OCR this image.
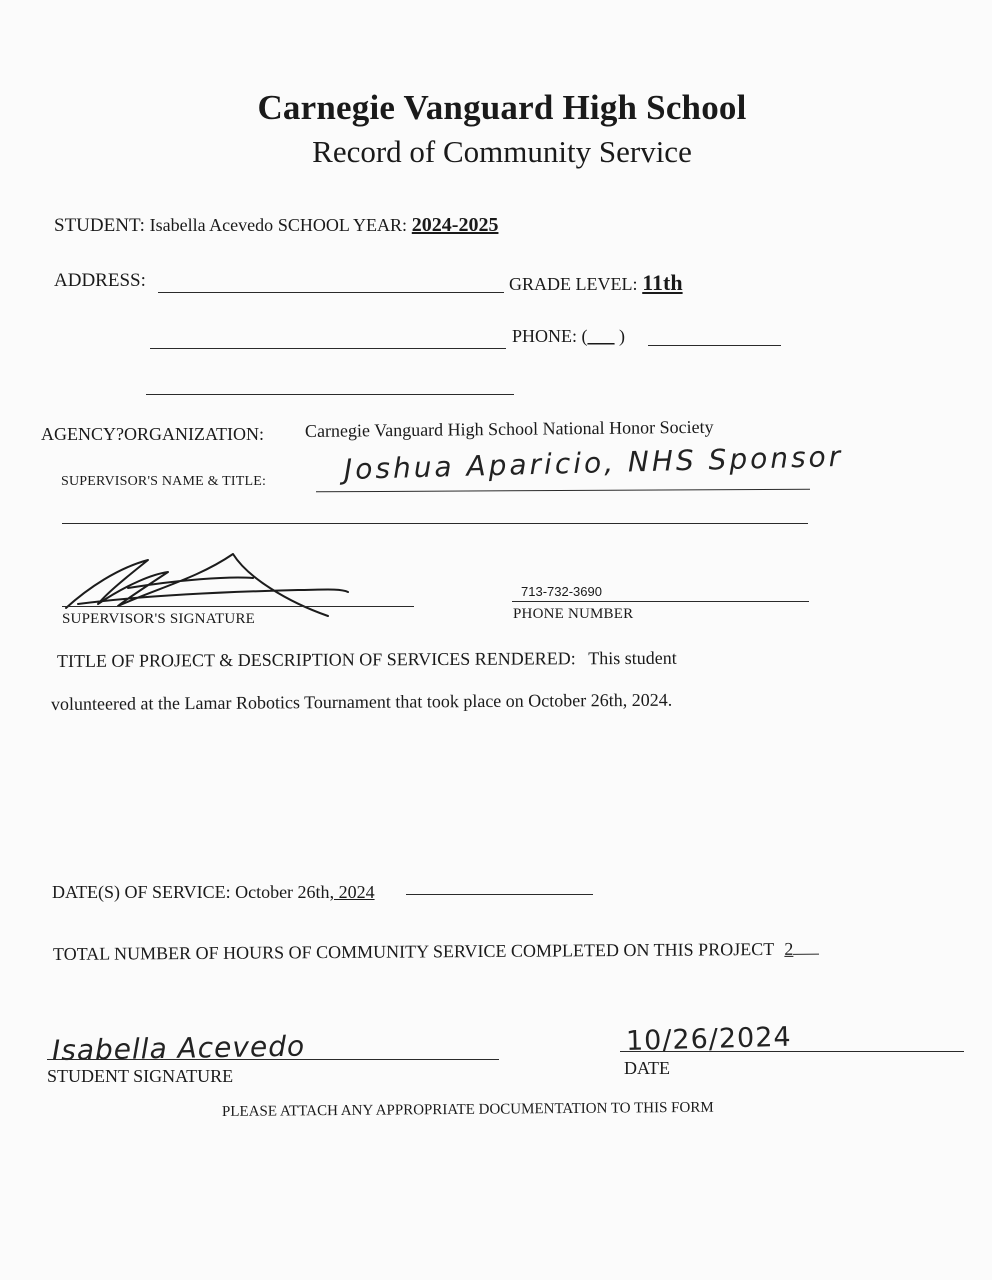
Carnegie Vanguard High School
Record of Community Service
STUDENT: Isabella Acevedo SCHOOL YEAR: 2024-2025
ADDRESS:	GRADE LEVEL: 11th
PHONE: (___ )
AGENCY?ORGANIZATION: Carnegie Vanguard High School National Honor Society
SUPERVISOR'S NAME & TITLE:	Joshua Aparicio, NHS Sponsor
SUPERVISOR'S SIGNATURE
713-732-3690
PHONE NUMBER
TITLE OF PROJECT & DESCRIPTION OF SERVICES RENDERED: This student
volunteered at the Lamar Robotics Tournament that took place on October 26th, 2024.
DATE(S) OF SERVICE: October 26th, 2024
TOTAL NUMBER OF HOURS OF COMMUNITY SERVICE COMPLETED ON THIS PROJECT 2
Isabella Acevedo
STUDENT SIGNATURE
10/26/2024
DATE
PLEASE ATTACH ANY APPROPRIATE DOCUMENTATION TO THIS FORM
